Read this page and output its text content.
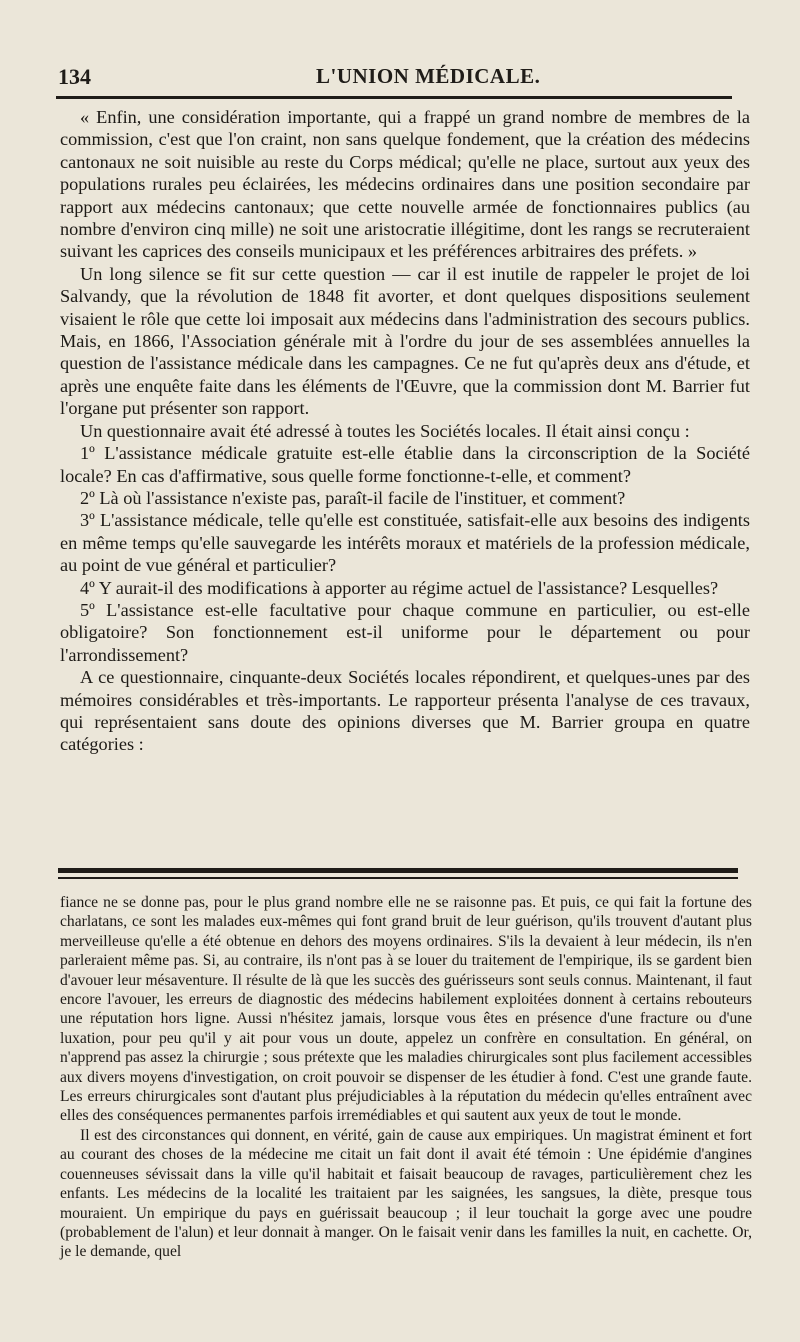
134	L'UNION MÉDICALE.

« Enfin, une considération importante, qui a frappé un grand nombre de membres de la commission, c'est que l'on craint, non sans quelque fondement, que la création des médecins cantonaux ne soit nuisible au reste du Corps médical; qu'elle ne place, surtout aux yeux des populations rurales peu éclairées, les médecins ordinaires dans une position secondaire par rapport aux médecins cantonaux; que cette nouvelle armée de fonctionnaires publics (au nombre d'environ cinq mille) ne soit une aristocratie illégitime, dont les rangs se recruteraient suivant les caprices des conseils municipaux et les préférences arbitraires des préfets. »

Un long silence se fit sur cette question — car il est inutile de rappeler le projet de loi Salvandy, que la révolution de 1848 fit avorter, et dont quelques dispositions seulement visaient le rôle que cette loi imposait aux médecins dans l'administration des secours publics. Mais, en 1866, l'Association générale mit à l'ordre du jour de ses assemblées annuelles la question de l'assistance médicale dans les campagnes. Ce ne fut qu'après deux ans d'étude, et après une enquête faite dans les éléments de l'Œuvre, que la commission dont M. Barrier fut l'organe put présenter son rapport.

Un questionnaire avait été adressé à toutes les Sociétés locales. Il était ainsi conçu :

1º L'assistance médicale gratuite est-elle établie dans la circonscription de la Société locale? En cas d'affirmative, sous quelle forme fonctionne-t-elle, et comment?

2º Là où l'assistance n'existe pas, paraît-il facile de l'instituer, et comment?

3º L'assistance médicale, telle qu'elle est constituée, satisfait-elle aux besoins des indigents en même temps qu'elle sauvegarde les intérêts moraux et matériels de la profession médicale, au point de vue général et particulier?

4º Y aurait-il des modifications à apporter au régime actuel de l'assistance? Lesquelles?

5º L'assistance est-elle facultative pour chaque commune en particulier, ou est-elle obligatoire? Son fonctionnement est-il uniforme pour le département ou pour l'arrondissement?

A ce questionnaire, cinquante-deux Sociétés locales répondirent, et quelques-unes par des mémoires considérables et très-importants. Le rapporteur présenta l'analyse de ces travaux, qui représentaient sans doute des opinions diverses que M. Barrier groupa en quatre catégories :

fiance ne se donne pas, pour le plus grand nombre elle ne se raisonne pas. Et puis, ce qui fait la fortune des charlatans, ce sont les malades eux-mêmes qui font grand bruit de leur guérison, qu'ils trouvent d'autant plus merveilleuse qu'elle a été obtenue en dehors des moyens ordinaires. S'ils la devaient à leur médecin, ils n'en parleraient même pas. Si, au contraire, ils n'ont pas à se louer du traitement de l'empirique, ils se gardent bien d'avouer leur mésaventure. Il résulte de là que les succès des guérisseurs sont seuls connus. Maintenant, il faut encore l'avouer, les erreurs de diagnostic des médecins habilement exploitées donnent à certains rebouteurs une réputation hors ligne. Aussi n'hésitez jamais, lorsque vous êtes en présence d'une fracture ou d'une luxation, pour peu qu'il y ait pour vous un doute, appelez un confrère en consultation. En général, on n'apprend pas assez la chirurgie ; sous prétexte que les maladies chirurgicales sont plus facilement accessibles aux divers moyens d'investigation, on croit pouvoir se dispenser de les étudier à fond. C'est une grande faute. Les erreurs chirurgicales sont d'autant plus préjudiciables à la réputation du médecin qu'elles entraînent avec elles des conséquences permanentes parfois irremédiables et qui sautent aux yeux de tout le monde.

Il est des circonstances qui donnent, en vérité, gain de cause aux empiriques. Un magistrat éminent et fort au courant des choses de la médecine me citait un fait dont il avait été témoin : Une épidémie d'angines couenneuses sévissait dans la ville qu'il habitait et faisait beaucoup de ravages, particulièrement chez les enfants. Les médecins de la localité les traitaient par les saignées, les sangsues, la diète, presque tous mouraient. Un empirique du pays en guérissait beaucoup ; il leur touchait la gorge avec une poudre (probablement de l'alun) et leur donnait à manger. On le faisait venir dans les familles la nuit, en cachette. Or, je le demande, quel
